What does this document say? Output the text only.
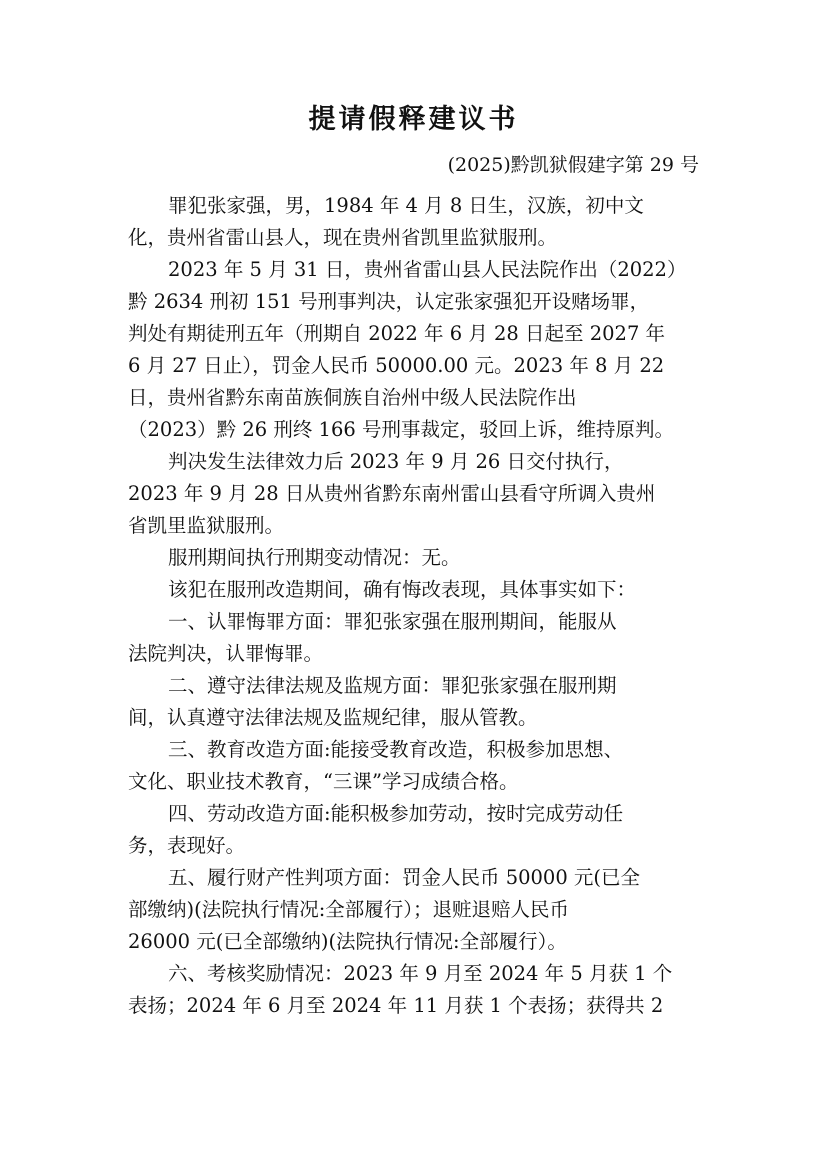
提请假释建议书
(2025)黔凯狱假建字第 29 号
罪犯张家强，男，1984 年 4 月 8 日生，汉族，初中文
化，贵州省雷山县人，现在贵州省凯里监狱服刑。
2023 年 5 月 31 日，贵州省雷山县人民法院作出（2022）
黔 2634 刑初 151 号刑事判决，认定张家强犯开设赌场罪，
判处有期徒刑五年（刑期自 2022 年 6 月 28 日起至 2027 年
6 月 27 日止），罚金人民币 50000.00 元。2023 年 8 月 22
日，贵州省黔东南苗族侗族自治州中级人民法院作出
（2023）黔 26 刑终 166 号刑事裁定，驳回上诉，维持原判。
判决发生法律效力后 2023 年 9 月 26 日交付执行，
2023 年 9 月 28 日从贵州省黔东南州雷山县看守所调入贵州
省凯里监狱服刑。
服刑期间执行刑期变动情况：无。
该犯在服刑改造期间，确有悔改表现，具体事实如下：
一、认罪悔罪方面：罪犯张家强在服刑期间，能服从
法院判决，认罪悔罪。
二、遵守法律法规及监规方面：罪犯张家强在服刑期
间，认真遵守法律法规及监规纪律，服从管教。
三、教育改造方面:能接受教育改造，积极参加思想、
文化、职业技术教育，“三课”学习成绩合格。
四、劳动改造方面:能积极参加劳动，按时完成劳动任
务，表现好。
五、履行财产性判项方面：罚金人民币 50000 元(已全
部缴纳)(法院执行情况:全部履行）；退赃退赔人民币
26000 元(已全部缴纳)(法院执行情况:全部履行）。
六、考核奖励情况：2023 年 9 月至 2024 年 5 月获 1 个
表扬；2024 年 6 月至 2024 年 11 月获 1 个表扬；获得共 2
